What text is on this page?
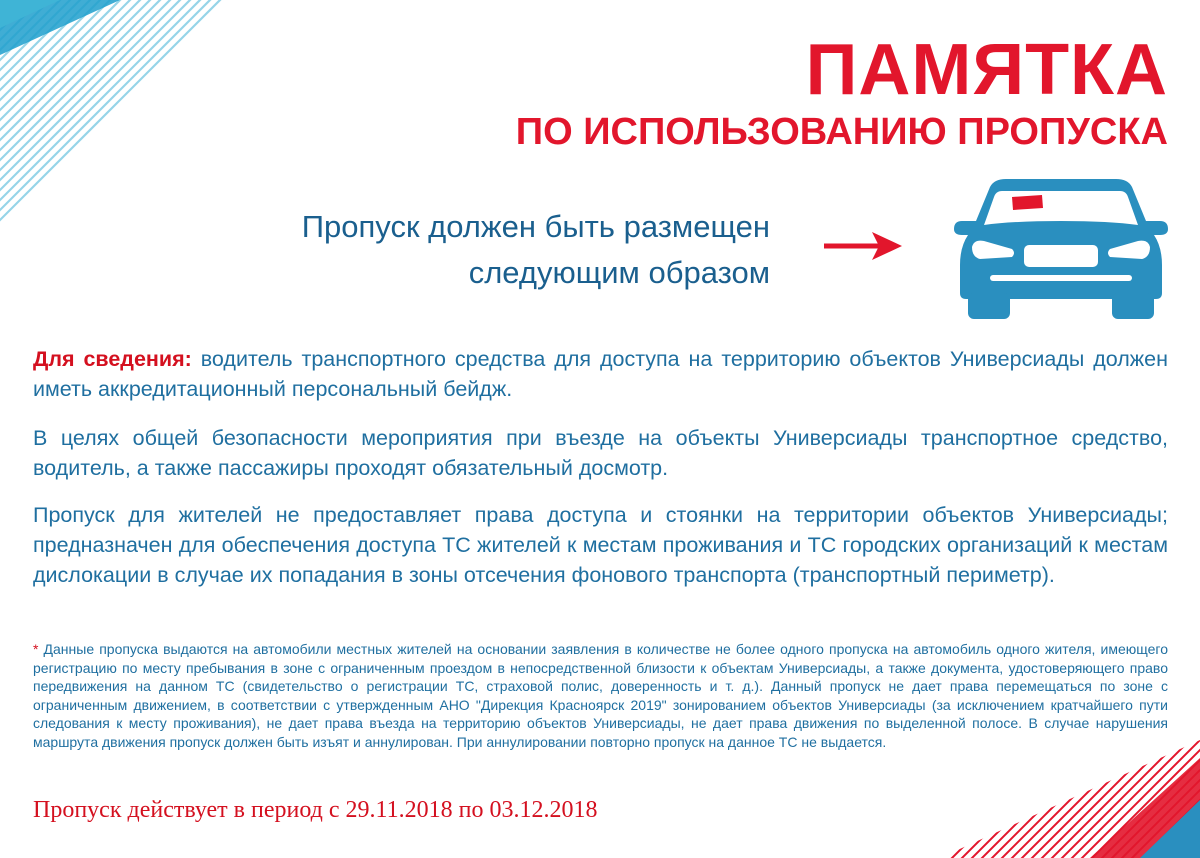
ПАМЯТКА
ПО ИСПОЛЬЗОВАНИЮ ПРОПУСКА
Пропуск должен быть размещен
следующим образом

Для сведения: водитель транспортного средства для доступа на территорию объектов Универсиады должен иметь аккредитационный персональный бейдж.

В целях общей безопасности мероприятия при въезде на объекты Универсиады транспортное средство, водитель, а также пассажиры проходят обязательный досмотр.

Пропуск для жителей не предоставляет права доступа и стоянки на территории объектов Универсиады; предназначен для обеспечения доступа ТС жителей к местам проживания и ТС городских организаций к местам дислокации в случае их попадания в зоны отсечения фонового транспорта (транспортный периметр).

* Данные пропуска выдаются на автомобили местных жителей на основании заявления в количестве не более одного пропуска на автомобиль одного жителя, имеющего регистрацию по месту пребывания в зоне с ограниченным проездом в непосредственной близости к объектам Универсиады, а также документа, удостоверяющего право передвижения на данном ТС (свидетельство о регистрации ТС, страховой полис, доверенность и т. д.). Данный пропуск не дает права перемещаться по зоне с ограниченным движением, в соответствии с утвержденным АНО "Дирекция Красноярск 2019" зонированием объектов Универсиады (за исключением кратчайшего пути следования к месту проживания), не дает права въезда на территорию объектов Универсиады, не дает права движения по выделенной полосе. В случае нарушения маршрута движения пропуск должен быть изъят и аннулирован. При аннулировании повторно пропуск на данное ТС не выдается.

Пропуск действует в период с 29.11.2018 по 03.12.2018
